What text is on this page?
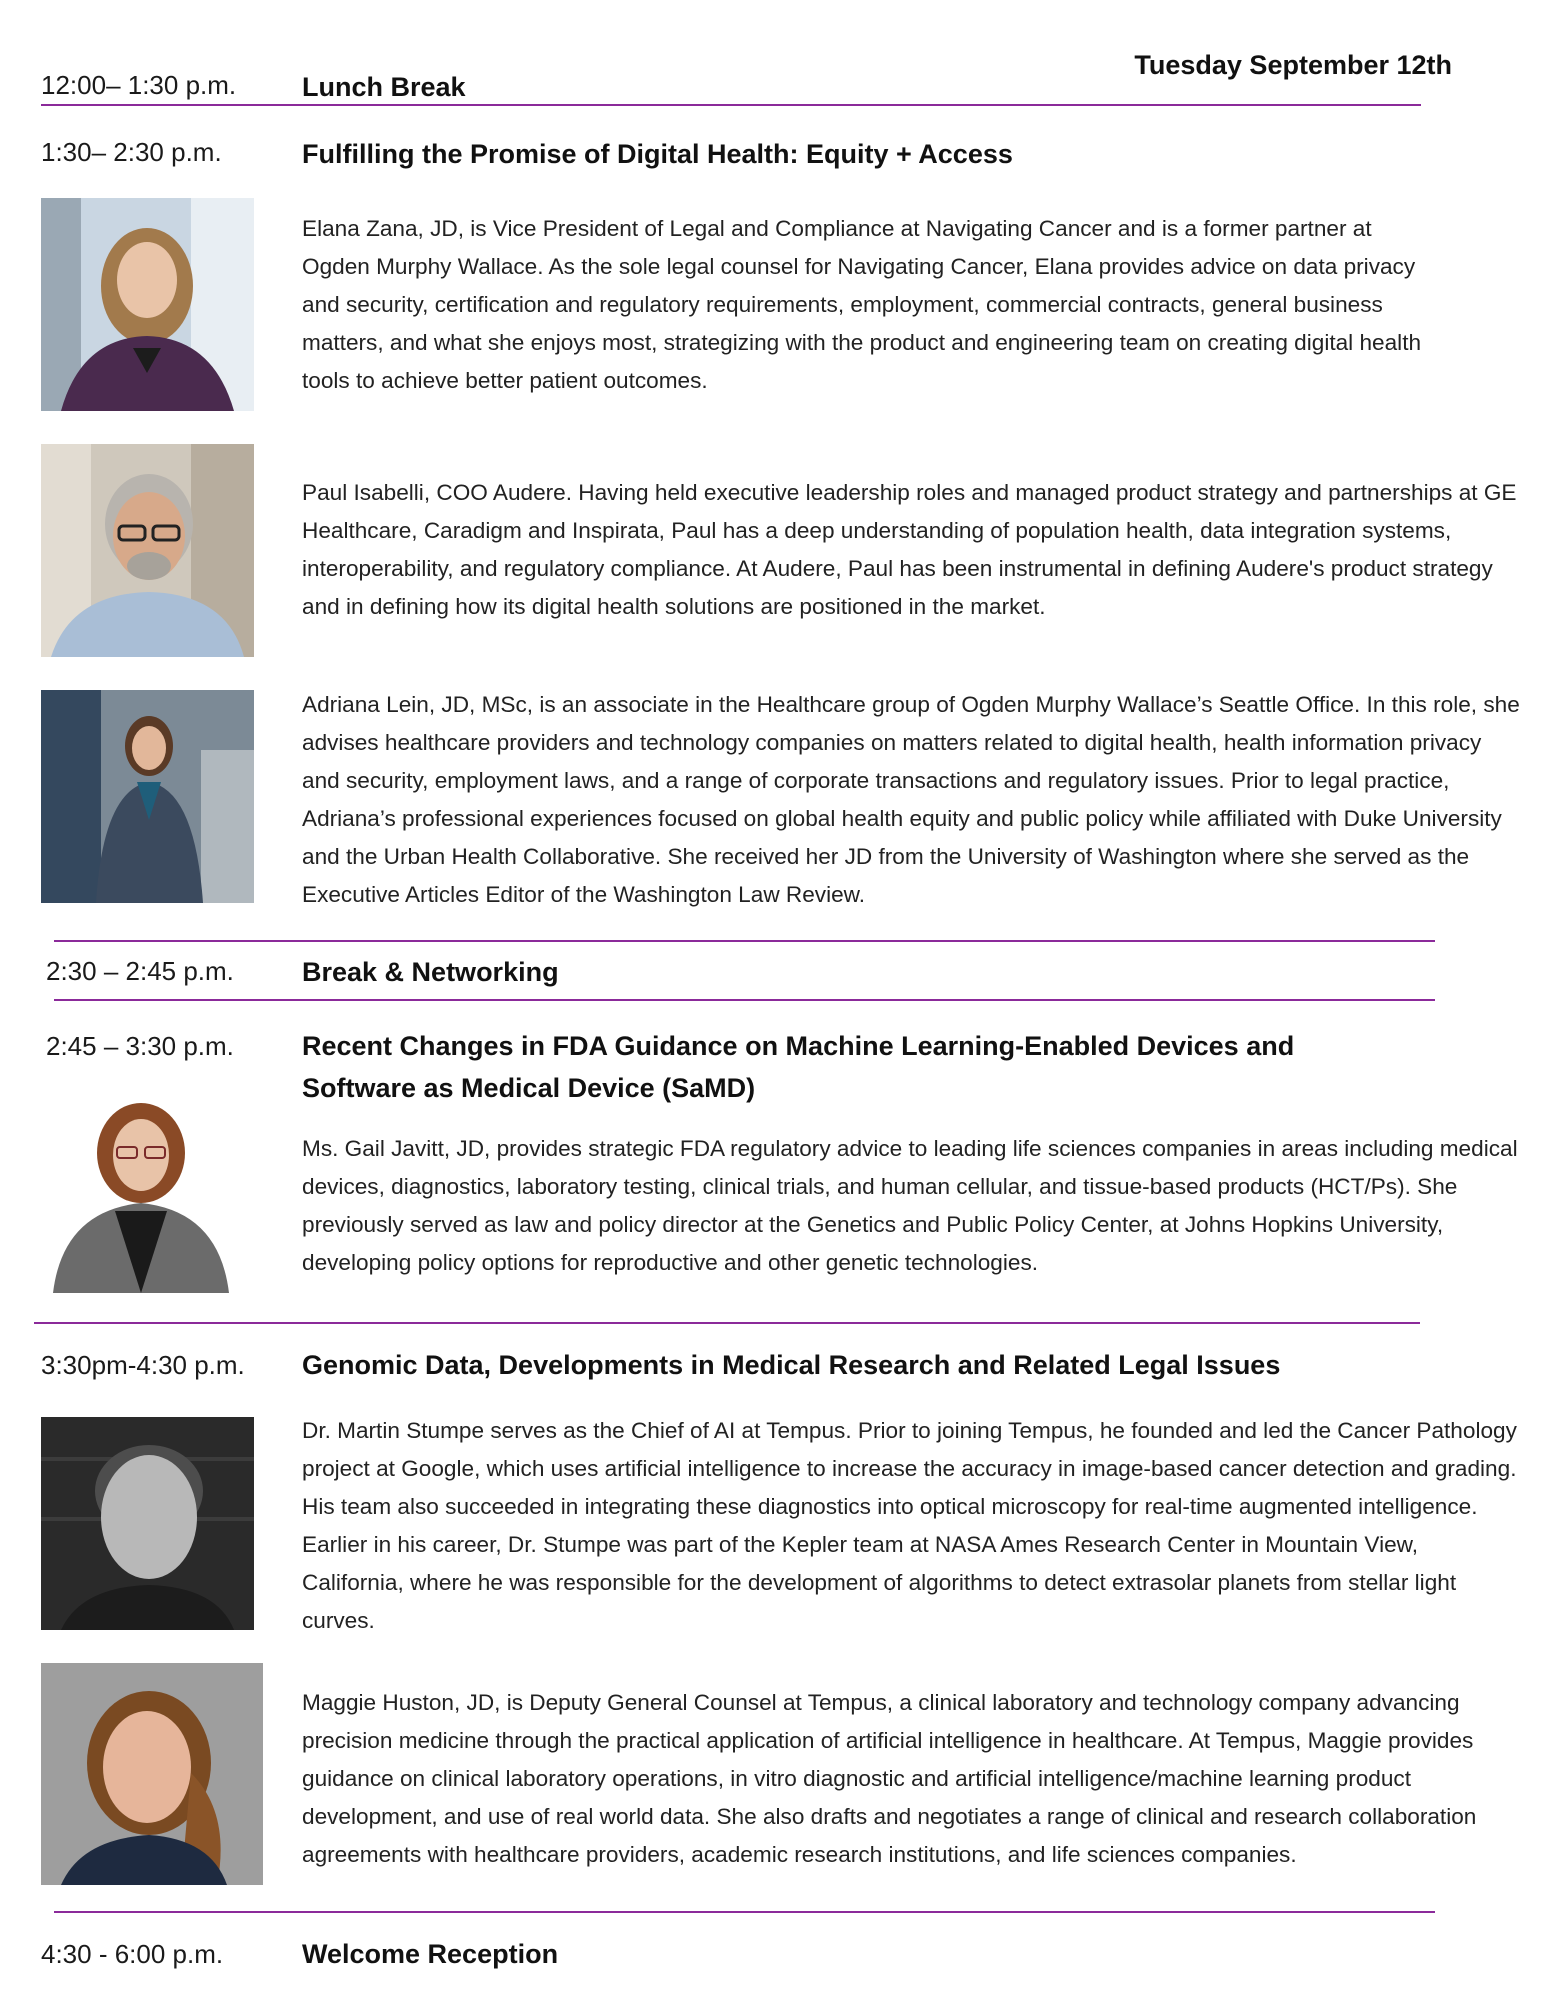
Tuesday September 12th
12:00– 1:30 p.m. Lunch Break
1:30– 2:30 p.m.	Fulfilling the Promise of Digital Health: Equity + Access
Elana Zana, JD, is Vice President of Legal and Compliance at Navigating Cancer and is a former partner at Ogden Murphy Wallace. As the sole legal counsel for Navigating Cancer, Elana provides advice on data privacy and security, certification and regulatory requirements, employment, commercial contracts, general business matters, and what she enjoys most, strategizing with the product and engineering team on creating digital health tools to achieve better patient outcomes.
Paul Isabelli, COO Audere. Having held executive leadership roles and managed product strategy and partnerships at GE Healthcare, Caradigm and Inspirata, Paul has a deep understanding of population health, data integration systems, interoperability, and regulatory compliance. At Audere, Paul has been instrumental in defining Audere's product strategy and in defining how its digital health solutions are positioned in the market.
Adriana Lein, JD, MSc, is an associate in the Healthcare group of Ogden Murphy Wallace’s Seattle Office. In this role, she advises healthcare providers and technology companies on matters related to digital health, health information privacy and security, employment laws, and a range of corporate transactions and regulatory issues. Prior to legal practice, Adriana’s professional experiences focused on global health equity and public policy while affiliated with Duke University and the Urban Health Collaborative. She received her JD from the University of Washington where she served as the Executive Articles Editor of the Washington Law Review.
2:30 – 2:45 p.m.	Break & Networking
2:45 – 3:30 p.m.	Recent Changes in FDA Guidance on Machine Learning-Enabled Devices and Software as Medical Device (SaMD)
Ms. Gail Javitt, JD, provides strategic FDA regulatory advice to leading life sciences companies in areas including medical devices, diagnostics, laboratory testing, clinical trials, and human cellular, and tissue-based products (HCT/Ps). She previously served as law and policy director at the Genetics and Public Policy Center, at Johns Hopkins University, developing policy options for reproductive and other genetic technologies.
3:30pm-4:30 p.m. Genomic Data, Developments in Medical Research and Related Legal Issues
Dr. Martin Stumpe serves as the Chief of AI at Tempus. Prior to joining Tempus, he founded and led the Cancer Pathology project at Google, which uses artificial intelligence to increase the accuracy in image-based cancer detection and grading. His team also succeeded in integrating these diagnostics into optical microscopy for real-time augmented intelligence. Earlier in his career, Dr. Stumpe was part of the Kepler team at NASA Ames Research Center in Mountain View, California, where he was responsible for the development of algorithms to detect extrasolar planets from stellar light curves.
Maggie Huston, JD, is Deputy General Counsel at Tempus, a clinical laboratory and technology company advancing precision medicine through the practical application of artificial intelligence in healthcare. At Tempus, Maggie provides guidance on clinical laboratory operations, in vitro diagnostic and artificial intelligence/machine learning product development, and use of real world data. She also drafts and negotiates a range of clinical and research collaboration agreements with healthcare providers, academic research institutions, and life sciences companies.
4:30 - 6:00 p.m.	Welcome Reception
